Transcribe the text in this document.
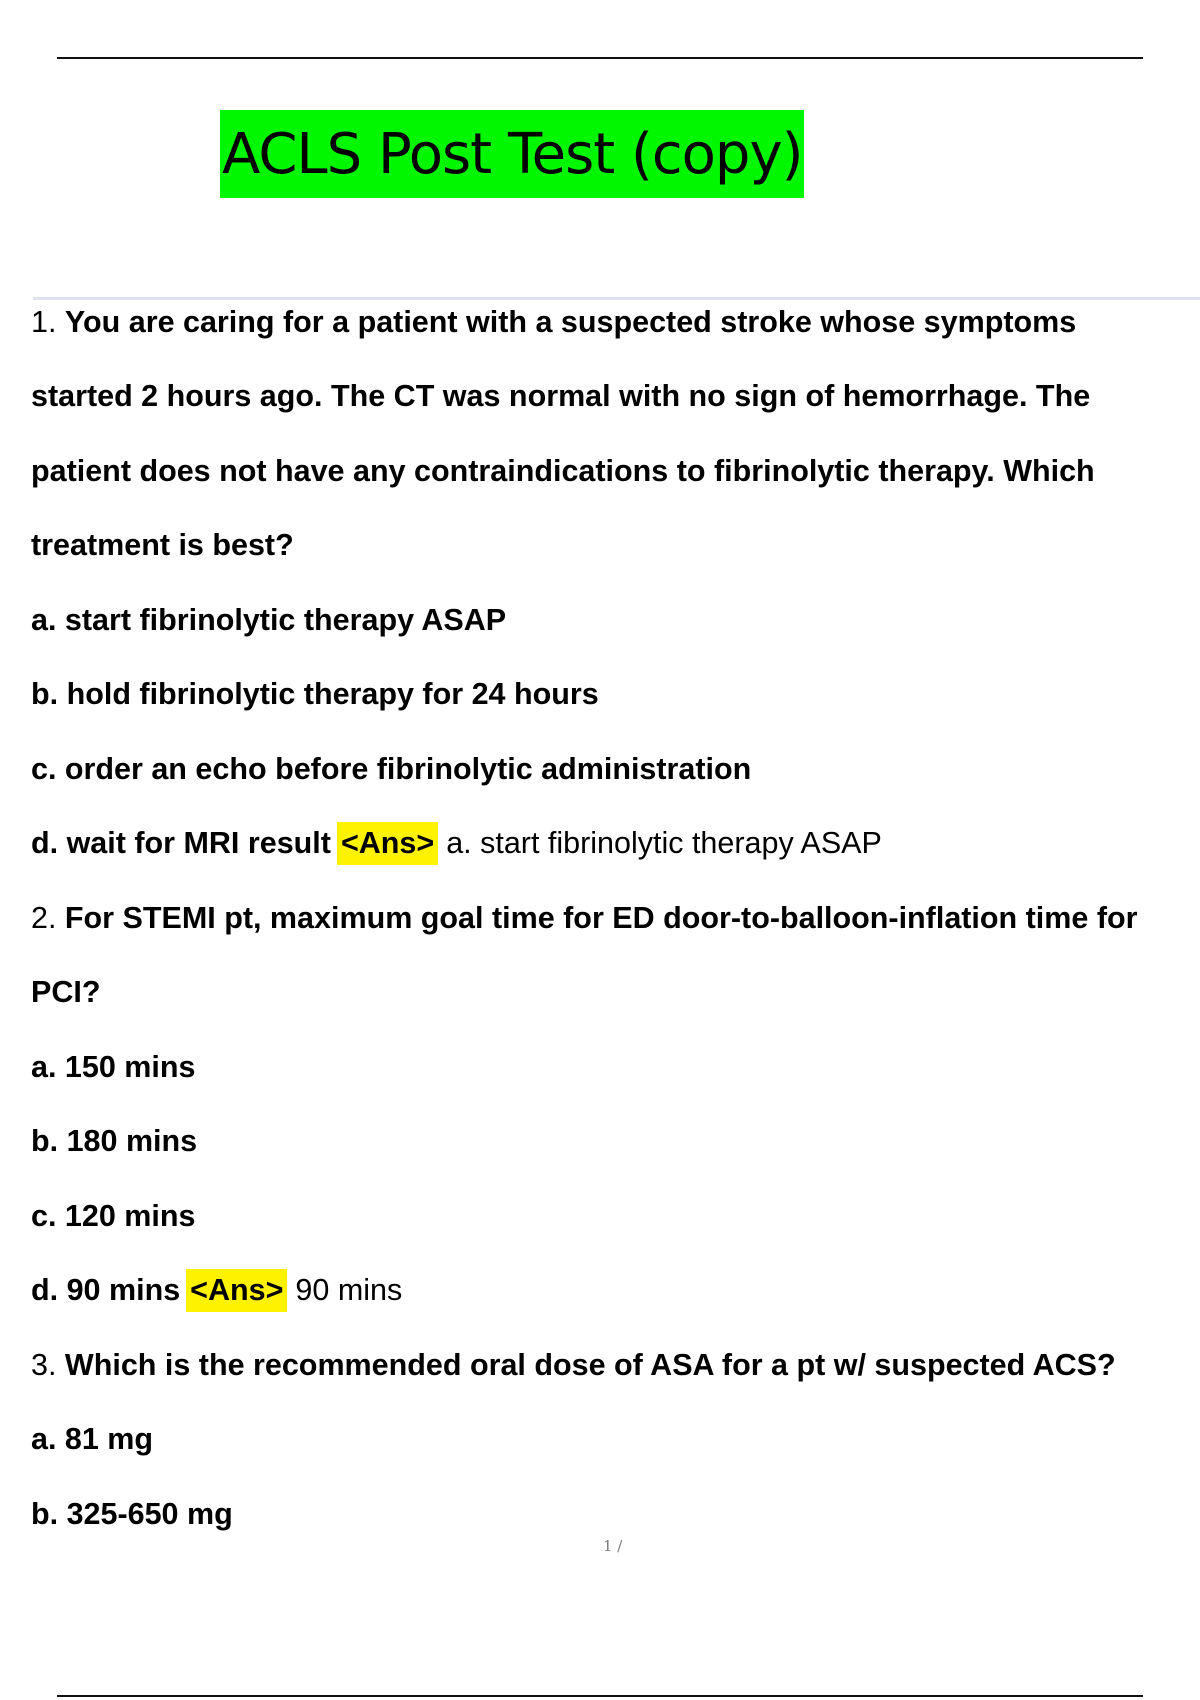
ACLS Post Test (copy)
1.
You are caring for a patient with a suspected stroke whose symptoms
started 2 hours ago. The CT was normal with no sign of hemorrhage. The
patient does not have any contraindications to fibrinolytic therapy. Which
treatment is best?
a. start fibrinolytic therapy ASAP
b. hold fibrinolytic therapy for 24 hours
c. order an echo before fibrinolytic administration
d. wait for MRI result <Ans> a. start fibrinolytic therapy ASAP
2.
For STEMI pt, maximum goal time for ED door-to-balloon-inflation time for
PCI?
a. 150 mins
b. 180 mins
c. 120 mins
d. 90 mins <Ans> 90 mins
3.
Which is the recommended oral dose of ASA for a pt w/ suspected ACS?
a. 81 mg
b. 325-650 mg
1 /
